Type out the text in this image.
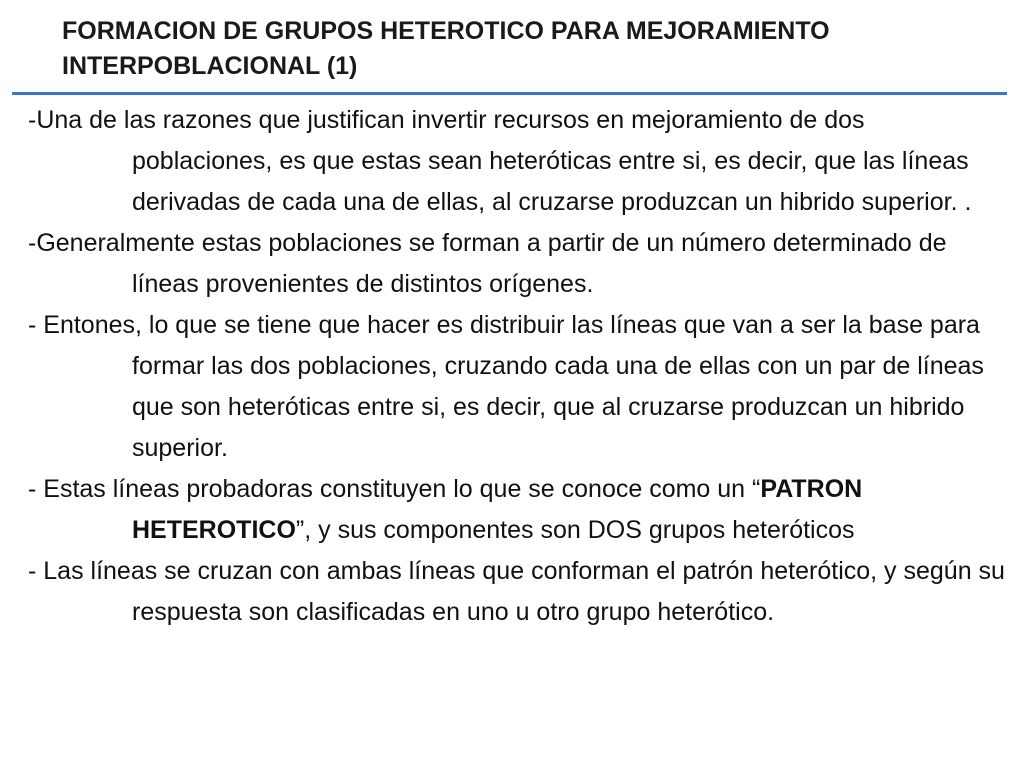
FORMACION DE GRUPOS HETEROTICO PARA MEJORAMIENTO
INTERPOBLACIONAL (1)

-Una de las razones que justifican invertir recursos en mejoramiento de dos poblaciones, es que estas sean heteróticas entre si, es decir, que las líneas derivadas de cada una de ellas, al cruzarse produzcan un hibrido superior. .

-Generalmente estas poblaciones se forman a partir de un número determinado de líneas provenientes de distintos orígenes.

- Entones, lo que se tiene que hacer es distribuir las líneas que van a ser la base para formar las dos poblaciones, cruzando cada una de ellas con un par de líneas que son heteróticas entre si, es decir, que al cruzarse produzcan un hibrido superior.

- Estas líneas probadoras constituyen lo que se conoce como un “PATRON HETEROTICO”, y sus componentes son DOS grupos heteróticos

- Las líneas se cruzan con ambas líneas que conforman el patrón heterótico, y según su respuesta son clasificadas en uno u otro grupo heterótico.
